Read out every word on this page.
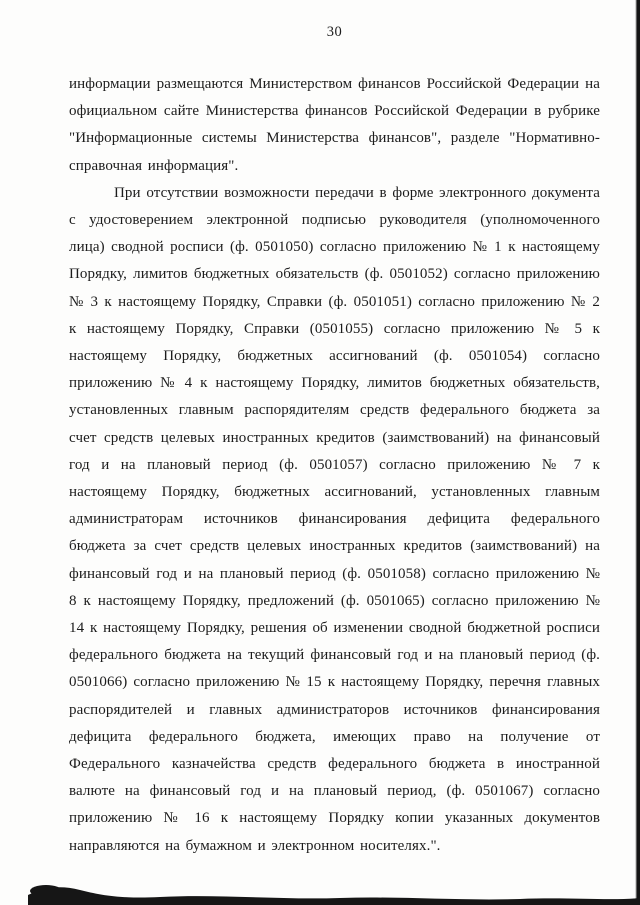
30

информации размещаются Министерством финансов Российской Федерации на официальном сайте Министерства финансов Российской Федерации в рубрике "Информационные системы Министерства финансов", разделе "Нормативно-справочная информация".

При отсутствии возможности передачи в форме электронного документа с удостоверением электронной подписью руководителя (уполномоченного лица) сводной росписи (ф. 0501050) согласно приложению № 1 к настоящему Порядку, лимитов бюджетных обязательств (ф. 0501052) согласно приложению № 3 к настоящему Порядку, Справки (ф. 0501051) согласно приложению № 2 к настоящему Порядку, Справки (0501055) согласно приложению № 5 к настоящему Порядку, бюджетных ассигнований (ф. 0501054) согласно приложению № 4 к настоящему Порядку, лимитов бюджетных обязательств, установленных главным распорядителям средств федерального бюджета за счет средств целевых иностранных кредитов (заимствований) на финансовый год и на плановый период (ф. 0501057) согласно приложению № 7 к настоящему Порядку, бюджетных ассигнований, установленных главным администраторам источников финансирования дефицита федерального бюджета за счет средств целевых иностранных кредитов (заимствований) на финансовый год и на плановый период (ф. 0501058) согласно приложению № 8 к настоящему Порядку, предложений (ф. 0501065) согласно приложению № 14 к настоящему Порядку, решения об изменении сводной бюджетной росписи федерального бюджета на текущий финансовый год и на плановый период (ф. 0501066) согласно приложению № 15 к настоящему Порядку, перечня главных распорядителей и главных администраторов источников финансирования дефицита федерального бюджета, имеющих право на получение от Федерального казначейства средств федерального бюджета в иностранной валюте на финансовый год и на плановый период, (ф. 0501067) согласно приложению № 16 к настоящему Порядку копии указанных документов направляются на бумажном и электронном носителях.".
